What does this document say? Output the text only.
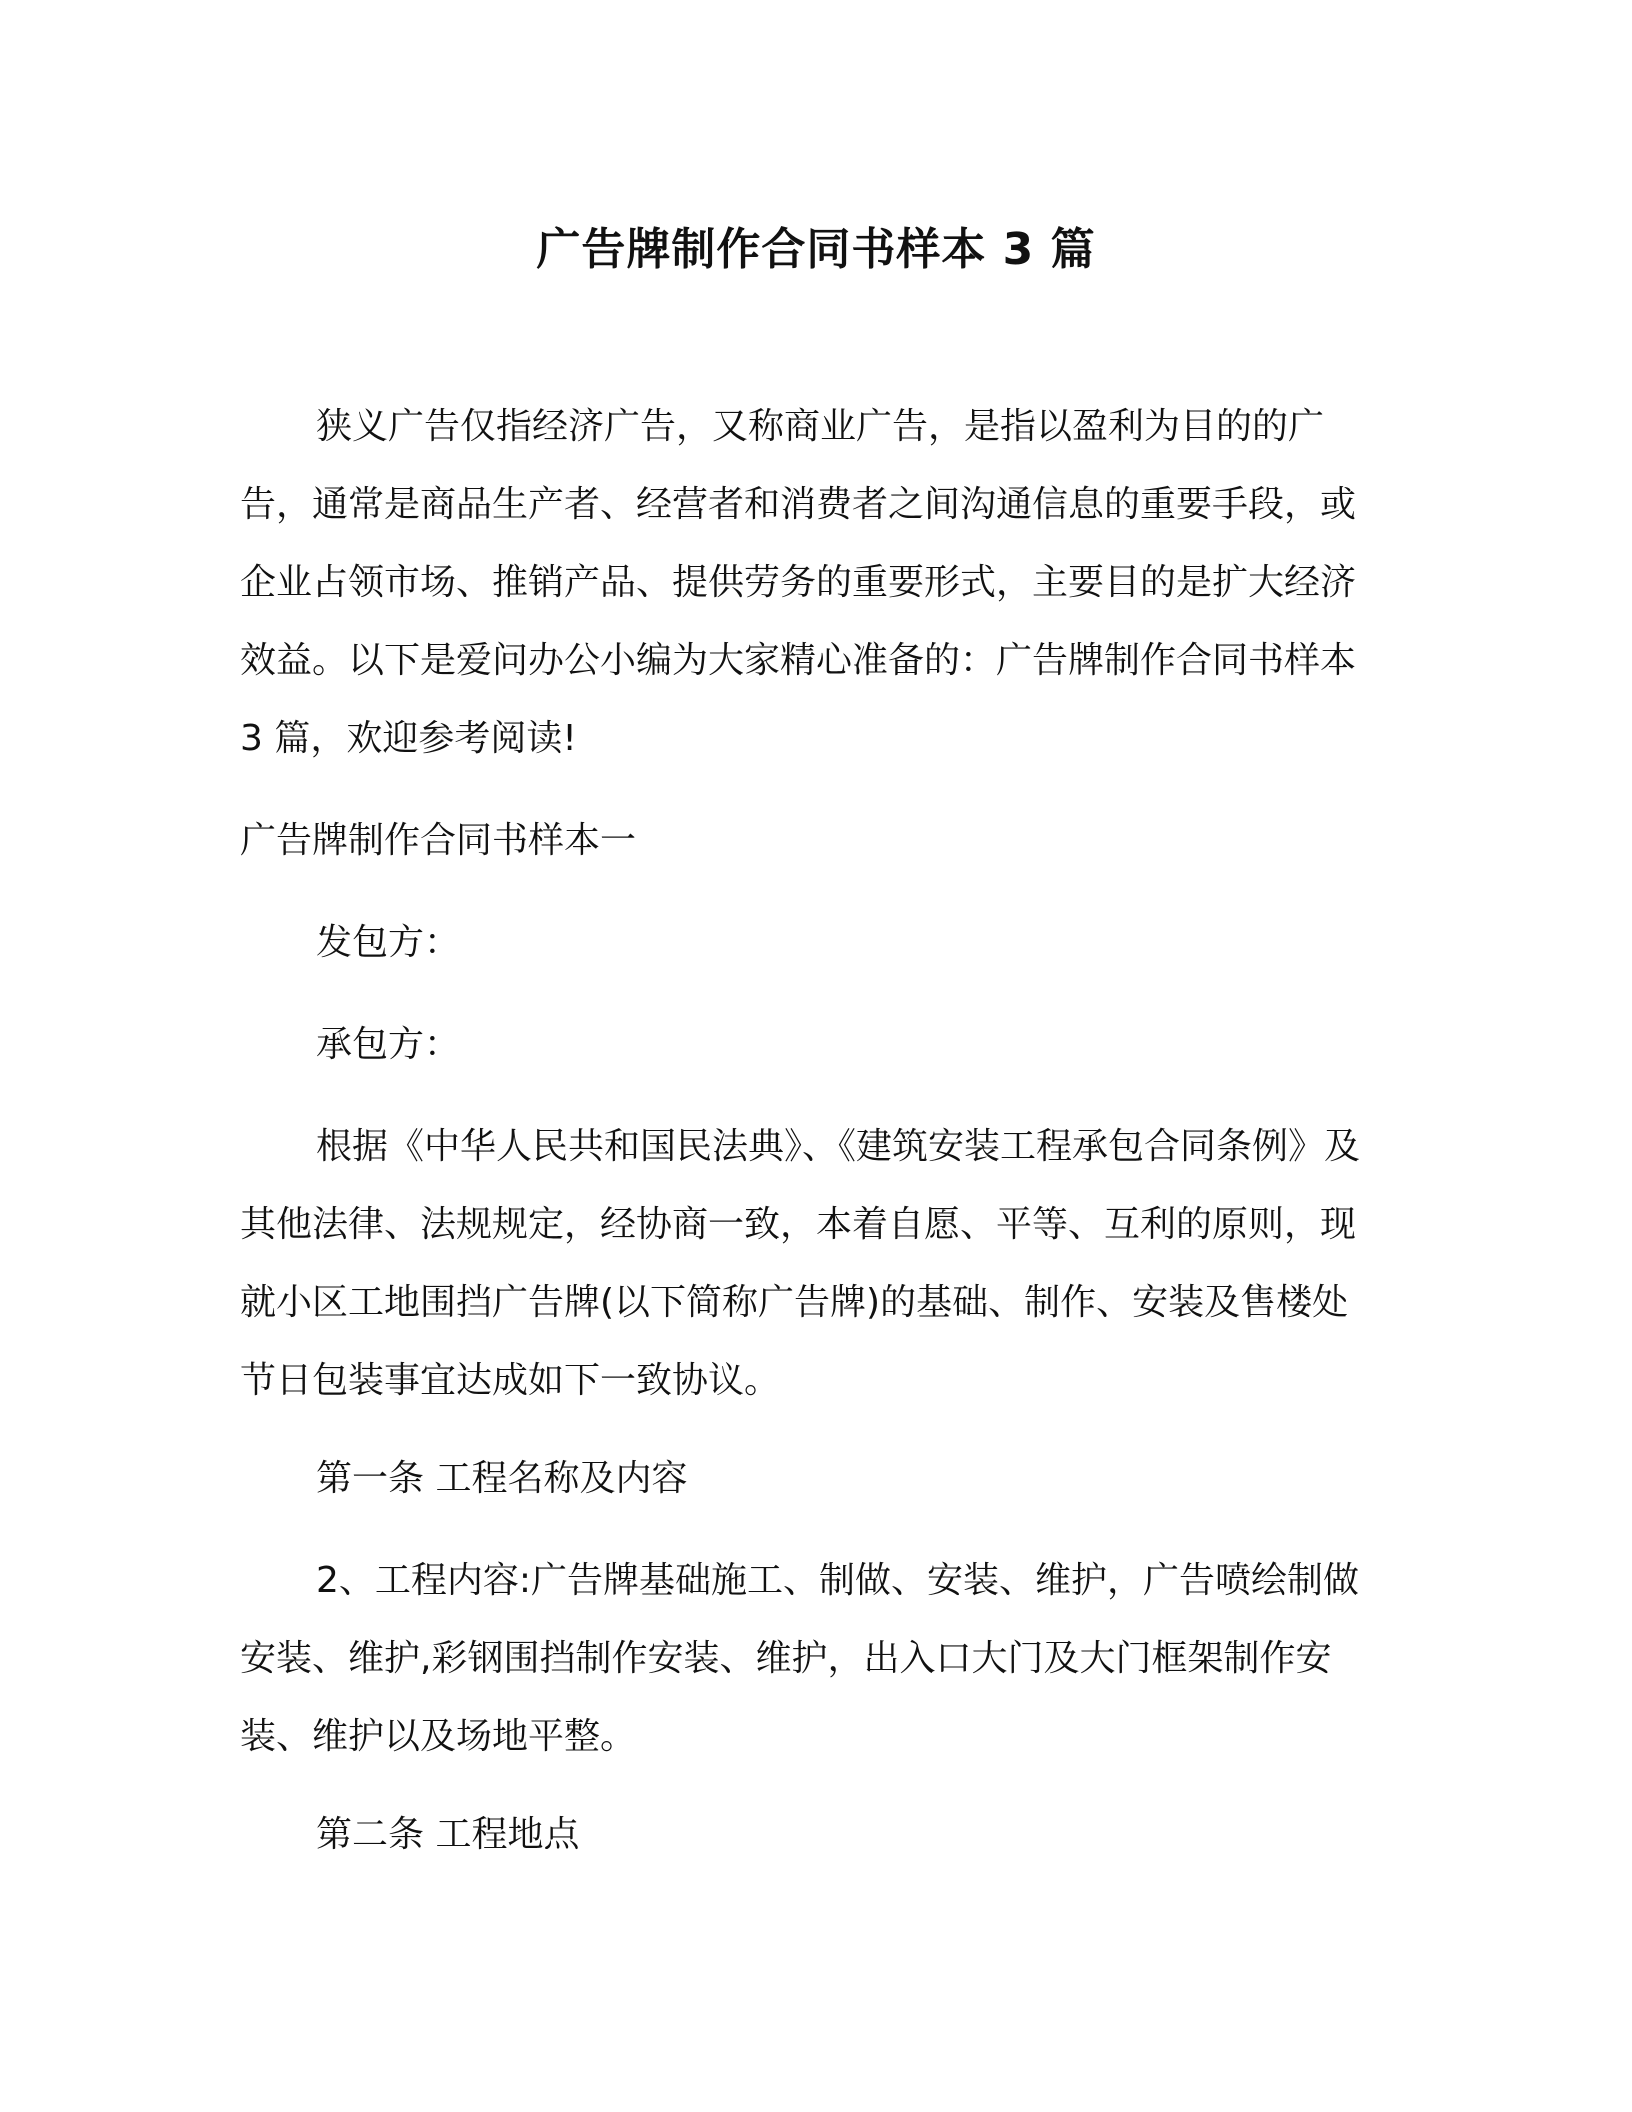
广告牌制作合同书样本 3 篇

狭义广告仅指经济广告，又称商业广告，是指以盈利为目的的广告，通常是商品生产者、经营者和消费者之间沟通信息的重要手段，或企业占领市场、推销产品、提供劳务的重要形式，主要目的是扩大经济效益。以下是爱问办公小编为大家精心准备的：广告牌制作合同书样本 3 篇，欢迎参考阅读!

广告牌制作合同书样本一

发包方：

承包方：

根据《中华人民共和国民法典》、《建筑安装工程承包合同条例》及其他法律、法规规定，经协商一致，本着自愿、平等、互利的原则，现就小区工地围挡广告牌(以下简称广告牌)的基础、制作、安装及售楼处节日包装事宜达成如下一致协议。

第一条 工程名称及内容

2、工程内容:广告牌基础施工、制做、安装、维护，广告喷绘制做安装、维护,彩钢围挡制作安装、维护，出入口大门及大门框架制作安装、维护以及场地平整。

第二条 工程地点
